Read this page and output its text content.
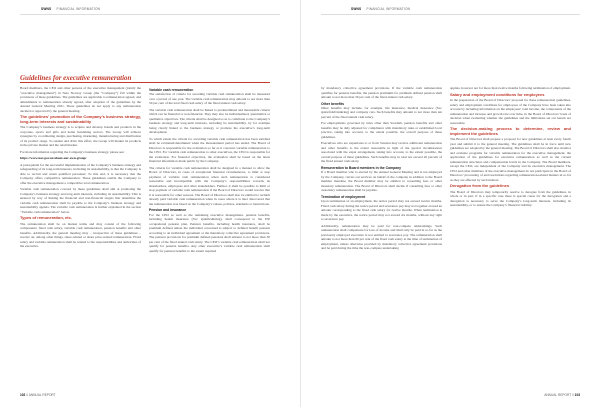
SWNS FINANCIAL INFORMATION
Guidelines for executive remuneration

Board members, the CEO and other persons of the executive management (jointly the “executive management”) in Nets Norway Group (the “Company”) fall within the provisions of these guidelines. The guidelines are applicable to remuneration agreed, and amendments to remuneration already agreed, after adoption of the guidelines by the Annual General Meeting 2021. These guidelines do not apply to any remuneration decided or approved by the general meeting.

The guidelines’ promotion of the Company’s business strategy, long-term interests and sustainability

The Company’s business strategy is to acquire and develop brands and products in the corporate, sports and gifts and home furnishing sectors. The Group will achieve synergies by coordinating design, purchasing, marketing, manufacturing and distribution of its product range. To sustain and drive this effort, the Group will market its products in the private market and the retail market.

For more information regarding the Company’s business strategy, please see:

https://www.nav.gov.sn/about-our-own-group/

A prerequisite for the successful implementation of the Company’s business strategy and safeguarding of its long-term interests, including its sustainability, is that the Company is able to recruit and retain qualified personnel. To this end, it is necessary that the Company offers competitive remuneration. These guidelines enable the Company to offer the executive management a competitive total remuneration.

Variable cash remuneration covered by these guidelines shall aim at promoting the Company’s business strategy and long-term interests, including its sustainability. This is ensured by way of linking the financial and non-financial targets that determine the variable cash remuneration shall be payable to the Company’s business strategy and sustainability agenda. The variable cash remuneration is further explained in the section “Variable cash remuneration” below.

Types of remuneration, etc.

The remuneration shall be on market terms and may consist of the following components: fixed cash salary, variable cash remuneration, pension benefits and other benefits. Additionally, the general meeting may – irrespective of these guidelines – resolve on, among other things, share-related or share price-related remuneration. Fixed salary and variable remuneration shall be related to the responsibilities and authorities of the executive.

Variable cash remuneration

The satisfaction of criteria for awarding variable cash remuneration shall be measured over a period of one year. The variable cash remuneration may amount to not more than 50 per cent of the total fixed cash salary of the fixed annual cash salary.

The variable cash remuneration shall be linked to predetermined and measurable criteria which can be financial or non-financial. They may also be individualized, quantitative or qualitative objectives. The criteria shall be designed so as to contribute to the Company’s business strategy and long-term interests, including its sustainability, by for example being clearly linked to the business strategy or promote the executive’s long-term development.

To which extent the criteria for awarding variable cash remuneration has been satisfied shall be evaluated/determined when the measurement period has ended. The Board of Directors is responsible for the evaluation so far as it concerns variable remuneration to the CEO. For variable cash remuneration to other executives, the CEO is responsible for the evaluation. For financial objectives, the evaluation shall be based on the latest financial information made public by the Company.

The criteria for variable cash remuneration shall be designed in a manner to allow the Board of Directors, in cases of exceptional financial circumstances, to limit or stop payment of variable cash remuneration when such remuneration is considered reasonable and incompatible with the Company’s responsibilities towards its shareholders, employees and other stakeholders. Further, it shall be possible to limit or stop payment of variable cash remuneration if the Board of Directors would resolve that it is reasonable for other reasons. The Board of Directors shall also be entitled to reclaim already paid variable cash remuneration when in cases where it is later discovered that the remuneration was based on the Company’s values, policies, standards or instructions.

Pension and insurance

For the CEO as well as the remaining executive management, pension benefits, including health insurance (Sw: sjukförsäkring), shall correspond to the ITP occupational pension plan. Pension benefits, including health insurance, shall be premium defined unless the individual concerned is subject to defined benefit pension according to an individual agreement or the mandatory collective agreement provisions. The pension provisions for premium defined pensions shall amount to not more than 30 per cent of the fixed annual cash salary. The CEO’s variable cash remuneration shall not qualify for pension benefits. Any other executive’s variable cash remuneration shall qualify for pension benefits to the extent required

102 // ANNUAL REPORT
SWNS FINANCIAL INFORMATION

by mandatory collective agreement provisions. If the variable cash remuneration qualifies for pension benefits, the pension premiums for premium defined pension shall amount to not more than 30 per cent of the fixed annual cash salary.

Other benefits

Other benefits may include, for example, life insurance, medical insurance (Sw: sjukvårdsförsäkring) and company cars. Such benefits may amount to not more than ten percent of the fixed annual cash salary.

For employments governed by rules other than Swedish, pension benefits and other benefits may be duly adjusted for compliance with mandatory rules or established local practice, taking into account, to the extent possible, the overall purpose of these guidelines.

Executives who are expatriates to or from Sweden may receive additional remuneration and other benefits to the extent reasonable in light of the special circumstances associated with the expat arrangement, taking into account, to the extent possible, the overall purpose of these guidelines. Such benefits may in total not exceed 20 percent of the fixed annual cash salary.

Remuneration to Board members in the Company

If a Board member who is elected by the Annual General Meeting and is not employed by the Company, carries out services on behalf of the company in addition to the Board member mandate, the Board member may be entitled to consulting fees or other monetary remuneration. The Board of Directors shall decide if consulting fees or other customary remuneration shall be payable.

Termination of employment

Upon termination of an employment, the notice period may not exceed twelve months. Fixed cash salary during the notice period and severance pay may not together exceed an amount corresponding to the fixed cash salary for twelve months. When termination is made by the executive, the notice period may not exceed six months, without any right to severance pay.

Additionally, remuneration may be paid for non-compete undertakings. Such remuneration shall compensate for loss of income and shall only be paid in so far as the previously employed executive is not entitled to severance pay. The remuneration shall amount to not more than 60 per cent of the fixed cash salary at the time of termination of employment, unless otherwise provided by mandatory collective agreement provisions and be paid during the time the non-compete undertaking

applies, however not for more than twelve months following termination of employment.

Salary and employment conditions for employees

In the preparation of the Board of Directors’ proposal for these remuneration guidelines, salary and employment conditions for employees of the Company have been taken into account by including information on the employees’ total income, the components of the remuneration and increase and growth rate over time, in the Board of Directors’ basis of decision when evaluating whether the guidelines and the limitations set out herein are reasonable.

The decision-making process to determine, review and implement the guidelines

The Board of Directors shall prepare a proposal for new guidelines at least every fourth year and submit it to the general meeting. The guidelines shall be in force until new guidelines are adopted by the general meeting. The Board of Directors shall also monitor and evaluate programs for variable remuneration for the executive management, the application of the guidelines for executive remuneration as well as the current remuneration structures and compensation levels in the Company. The Board members, except the CEO, are independent of the Company and its executive management. The CEO and other members of the executive management do not participate in the Board of Directors’ processing of and resolutions regarding remuneration-related matters in so far as they are affected by such matters.

Derogation from the guidelines

The Board of Directors may temporarily resolve to derogate from the guidelines, in whole or in part, if in a specific case there is special cause for the derogation and a derogation is necessary to serve the Company’s long-term interests, including its sustainability, or to ensure the Company’s financial viability.

ANNUAL REPORT // 103
